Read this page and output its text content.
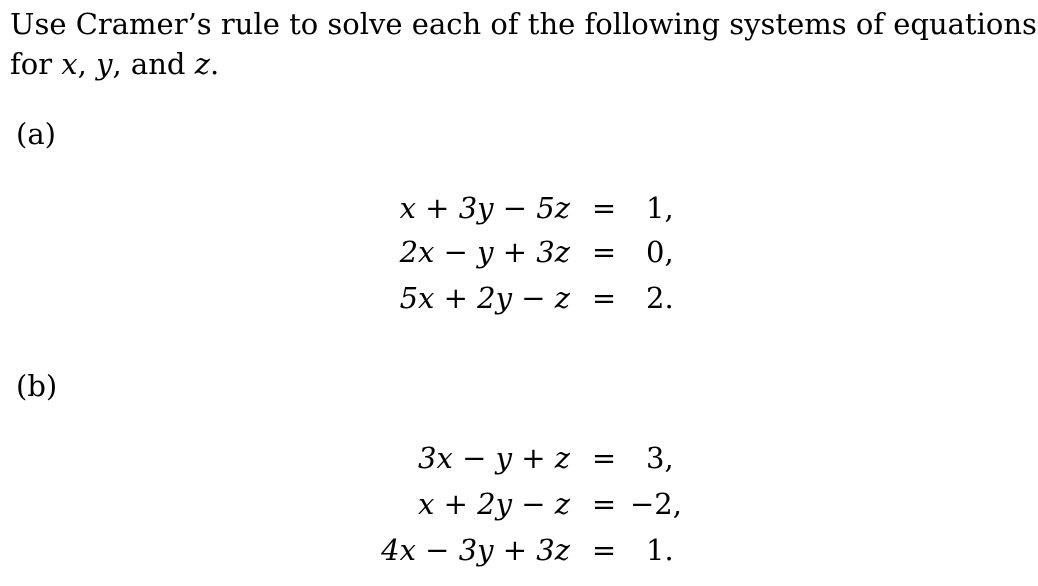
Use Cramer’s rule to solve each of the following systems of equations
for x, y, and z.
(a)
x + 3y − 5z = 1,
2x − y + 3z = 0,
5x + 2y − z = 2.
(b)
3x − y + z = 3,
x + 2y − z = −2,
4x − 3y + 3z = 1.
